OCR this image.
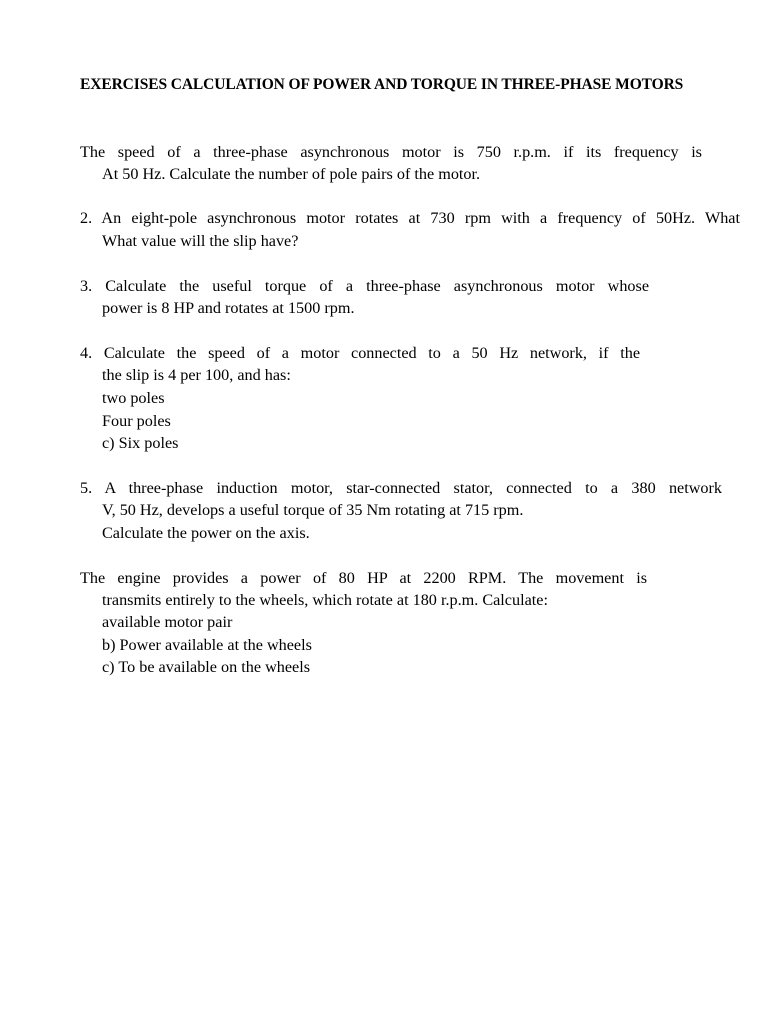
EXERCISES CALCULATION OF POWER AND TORQUE IN THREE-PHASE MOTORS
The speed of a three-phase asynchronous motor is 750 r.p.m. if its frequency is
At 50 Hz. Calculate the number of pole pairs of the motor.
2. An eight-pole asynchronous motor rotates at 730 rpm with a frequency of 50Hz. What
What value will the slip have?
3. Calculate the useful torque of a three-phase asynchronous motor whose
power is 8 HP and rotates at 1500 rpm.
4. Calculate the speed of a motor connected to a 50 Hz network, if the
the slip is 4 per 100, and has:
two poles
Four poles
c) Six poles
5. A three-phase induction motor, star-connected stator, connected to a 380 network
V, 50 Hz, develops a useful torque of 35 Nm rotating at 715 rpm.
Calculate the power on the axis.
The engine provides a power of 80 HP at 2200 RPM. The movement is
transmits entirely to the wheels, which rotate at 180 r.p.m. Calculate:
available motor pair
b) Power available at the wheels
c) To be available on the wheels
